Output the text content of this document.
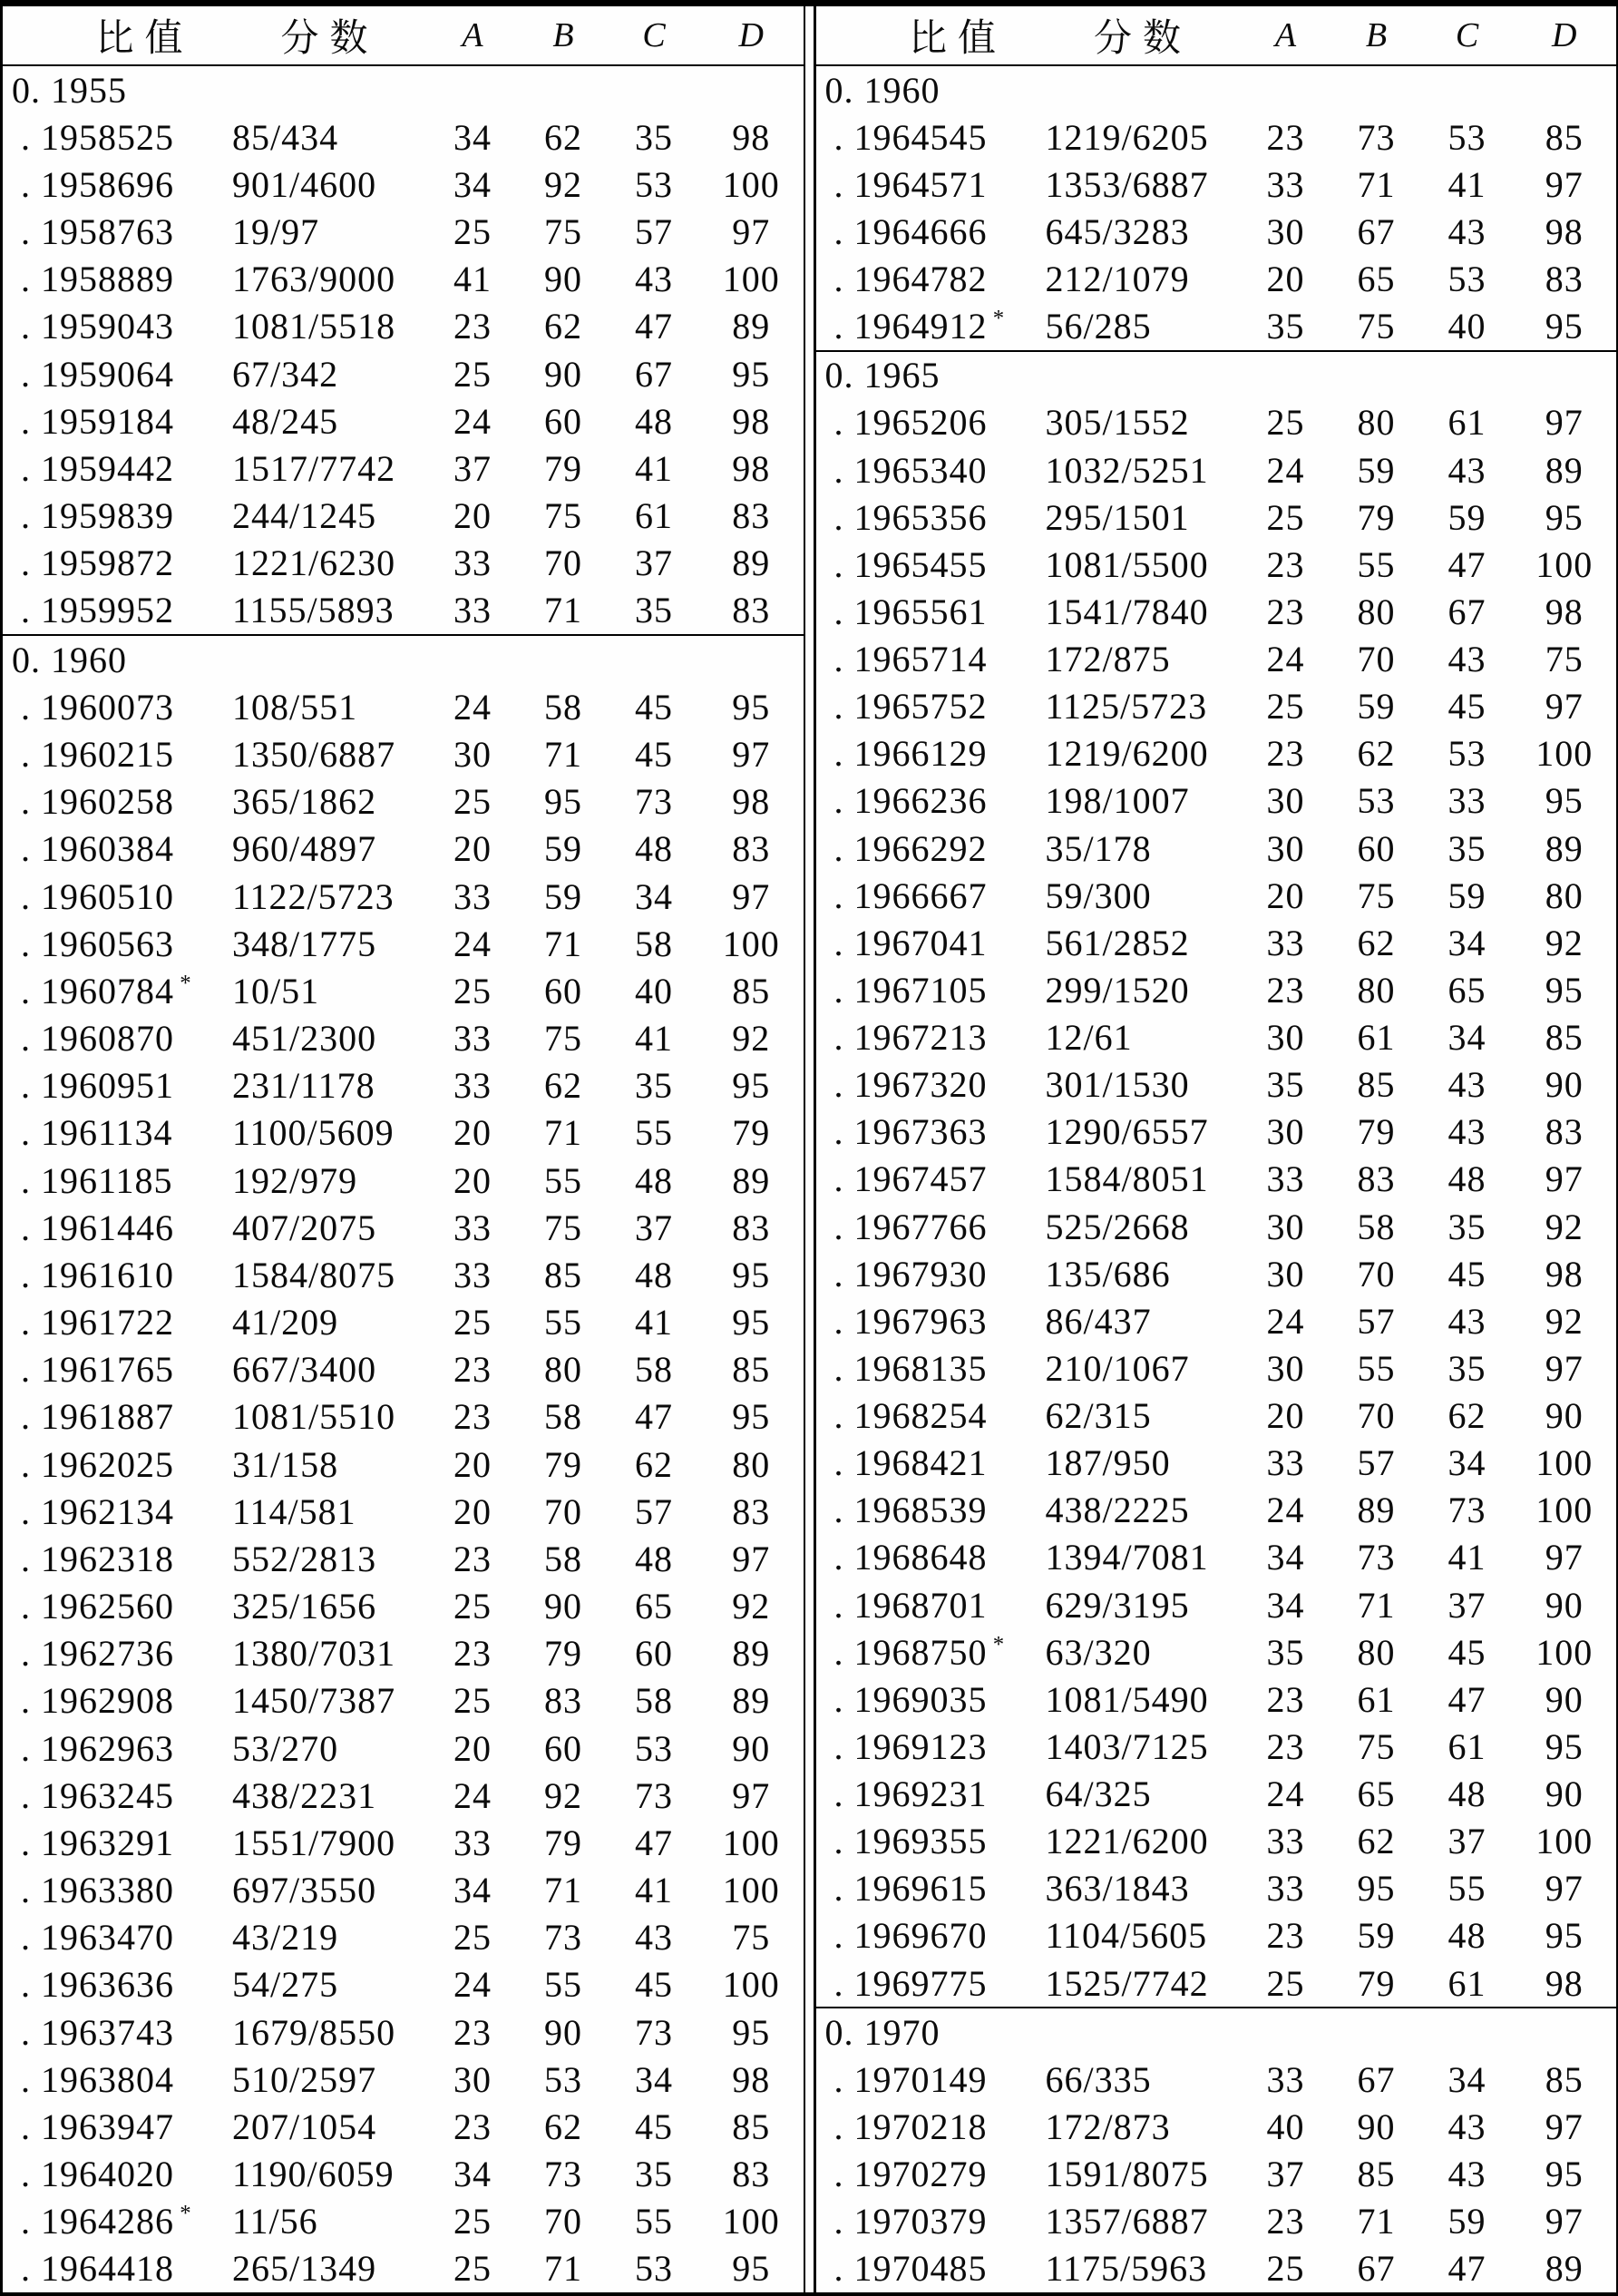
比值	分数	A	B	C	D
0. 1955
. 1958525	85/434	34	62	35	98
. 1958696	901/4600	34	92	53	100
. 1958763	19/97	25	75	57	97
. 1958889	1763/9000	41	90	43	100
. 1959043	1081/5518	23	62	47	89
. 1959064	67/342	25	90	67	95
. 1959184	48/245	24	60	48	98
. 1959442	1517/7742	37	79	41	98
. 1959839	244/1245	20	75	61	83
. 1959872	1221/6230	33	70	37	89
. 1959952	1155/5893	33	71	35	83
0. 1960
. 1960073	108/551	24	58	45	95
. 1960215	1350/6887	30	71	45	97
. 1960258	365/1862	25	95	73	98
. 1960384	960/4897	20	59	48	83
. 1960510	1122/5723	33	59	34	97
. 1960563	348/1775	24	71	58	100
. 1960784 *	10/51	25	60	40	85
. 1960870	451/2300	33	75	41	92
. 1960951	231/1178	33	62	35	95
. 1961134	1100/5609	20	71	55	79
. 1961185	192/979	20	55	48	89
. 1961446	407/2075	33	75	37	83
. 1961610	1584/8075	33	85	48	95
. 1961722	41/209	25	55	41	95
. 1961765	667/3400	23	80	58	85
. 1961887	1081/5510	23	58	47	95
. 1962025	31/158	20	79	62	80
. 1962134	114/581	20	70	57	83
. 1962318	552/2813	23	58	48	97
. 1962560	325/1656	25	90	65	92
. 1962736	1380/7031	23	79	60	89
. 1962908	1450/7387	25	83	58	89
. 1962963	53/270	20	60	53	90
. 1963245	438/2231	24	92	73	97
. 1963291	1551/7900	33	79	47	100
. 1963380	697/3550	34	71	41	100
. 1963470	43/219	25	73	43	75
. 1963636	54/275	24	55	45	100
. 1963743	1679/8550	23	90	73	95
. 1963804	510/2597	30	53	34	98
. 1963947	207/1054	23	62	45	85
. 1964020	1190/6059	34	73	35	83
. 1964286 *	11/56	25	70	55	100
. 1964418	265/1349	25	71	53	95
比值	分数	A	B	C	D
0. 1960
. 1964545	1219/6205	23	73	53	85
. 1964571	1353/6887	33	71	41	97
. 1964666	645/3283	30	67	43	98
. 1964782	212/1079	20	65	53	83
. 1964912 *	56/285	35	75	40	95
0. 1965
. 1965206	305/1552	25	80	61	97
. 1965340	1032/5251	24	59	43	89
. 1965356	295/1501	25	79	59	95
. 1965455	1081/5500	23	55	47	100
. 1965561	1541/7840	23	80	67	98
. 1965714	172/875	24	70	43	75
. 1965752	1125/5723	25	59	45	97
. 1966129	1219/6200	23	62	53	100
. 1966236	198/1007	30	53	33	95
. 1966292	35/178	30	60	35	89
. 1966667	59/300	20	75	59	80
. 1967041	561/2852	33	62	34	92
. 1967105	299/1520	23	80	65	95
. 1967213	12/61	30	61	34	85
. 1967320	301/1530	35	85	43	90
. 1967363	1290/6557	30	79	43	83
. 1967457	1584/8051	33	83	48	97
. 1967766	525/2668	30	58	35	92
. 1967930	135/686	30	70	45	98
. 1967963	86/437	24	57	43	92
. 1968135	210/1067	30	55	35	97
. 1968254	62/315	20	70	62	90
. 1968421	187/950	33	57	34	100
. 1968539	438/2225	24	89	73	100
. 1968648	1394/7081	34	73	41	97
. 1968701	629/3195	34	71	37	90
. 1968750 *	63/320	35	80	45	100
. 1969035	1081/5490	23	61	47	90
. 1969123	1403/7125	23	75	61	95
. 1969231	64/325	24	65	48	90
. 1969355	1221/6200	33	62	37	100
. 1969615	363/1843	33	95	55	97
. 1969670	1104/5605	23	59	48	95
. 1969775	1525/7742	25	79	61	98
0. 1970
. 1970149	66/335	33	67	34	85
. 1970218	172/873	40	90	43	97
. 1970279	1591/8075	37	85	43	95
. 1970379	1357/6887	23	71	59	97
. 1970485	1175/5963	25	67	47	89
